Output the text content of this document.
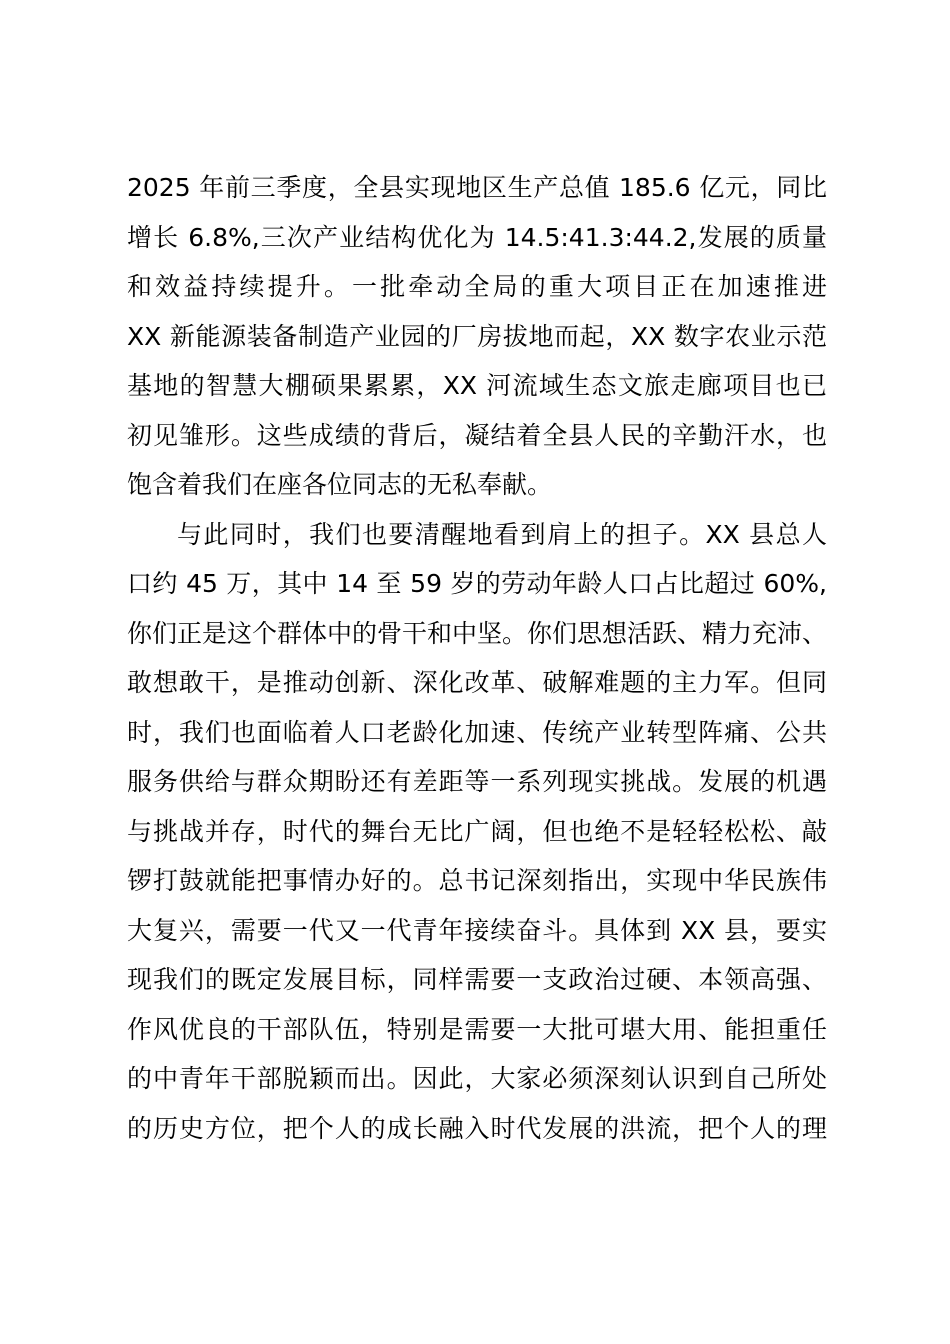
2025 年前三季度，全县实现地区生产总值 185.6 亿元，同比
增长 6.8%,三次产业结构优化为 14.5:41.3:44.2,发展的质量
和效益持续提升。一批牵动全局的重大项目正在加速推进
XX 新能源装备制造产业园的厂房拔地而起，XX 数字农业示范
基地的智慧大棚硕果累累，XX 河流域生态文旅走廊项目也已
初见雏形。这些成绩的背后，凝结着全县人民的辛勤汗水，也
饱含着我们在座各位同志的无私奉献。
与此同时，我们也要清醒地看到肩上的担子。XX 县总人
口约 45 万，其中 14 至 59 岁的劳动年龄人口占比超过 60%,
你们正是这个群体中的骨干和中坚。你们思想活跃、精力充沛、
敢想敢干，是推动创新、深化改革、破解难题的主力军。但同
时，我们也面临着人口老龄化加速、传统产业转型阵痛、公共
服务供给与群众期盼还有差距等一系列现实挑战。发展的机遇
与挑战并存，时代的舞台无比广阔，但也绝不是轻轻松松、敲
锣打鼓就能把事情办好的。总书记深刻指出，实现中华民族伟
大复兴，需要一代又一代青年接续奋斗。具体到 XX 县，要实
现我们的既定发展目标，同样需要一支政治过硬、本领高强、
作风优良的干部队伍，特别是需要一大批可堪大用、能担重任
的中青年干部脱颖而出。因此，大家必须深刻认识到自己所处
的历史方位，把个人的成长融入时代发展的洪流，把个人的理
